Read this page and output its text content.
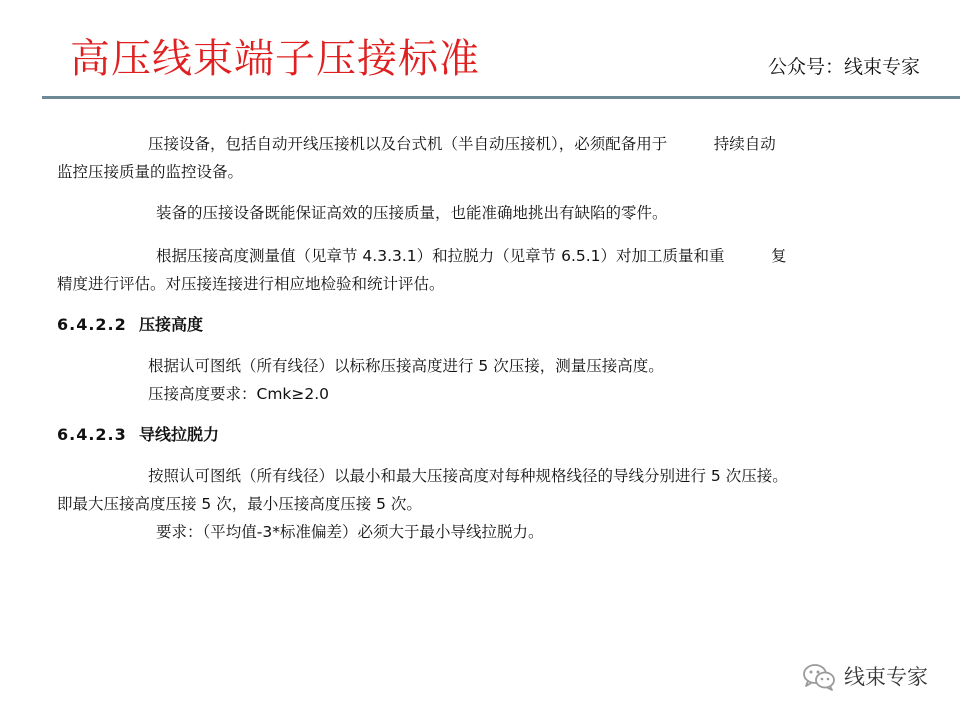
高压线束端子压接标准	公众号：线束专家
压接设备，包括自动开线压接机以及台式机（半自动压接机），必须配备用于　　　持续自动
监控压接质量的监控设备。
装备的压接设备既能保证高效的压接质量，也能准确地挑出有缺陷的零件。
根据压接高度测量值（见章节 4.3.3.1）和拉脱力（见章节 6.5.1）对加工质量和重　　　复
精度进行评估。对压接连接进行相应地检验和统计评估。
6.4.2.2 压接高度
根据认可图纸（所有线径）以标称压接高度进行 5 次压接，测量压接高度。
压接高度要求：Cmk≥2.0
6.4.2.3 导线拉脱力
按照认可图纸（所有线径）以最小和最大压接高度对每种规格线径的导线分别进行 5 次压接。
即最大压接高度压接 5 次，最小压接高度压接 5 次。
要求：（平均值-3*标准偏差）必须大于最小导线拉脱力。
线束专家
